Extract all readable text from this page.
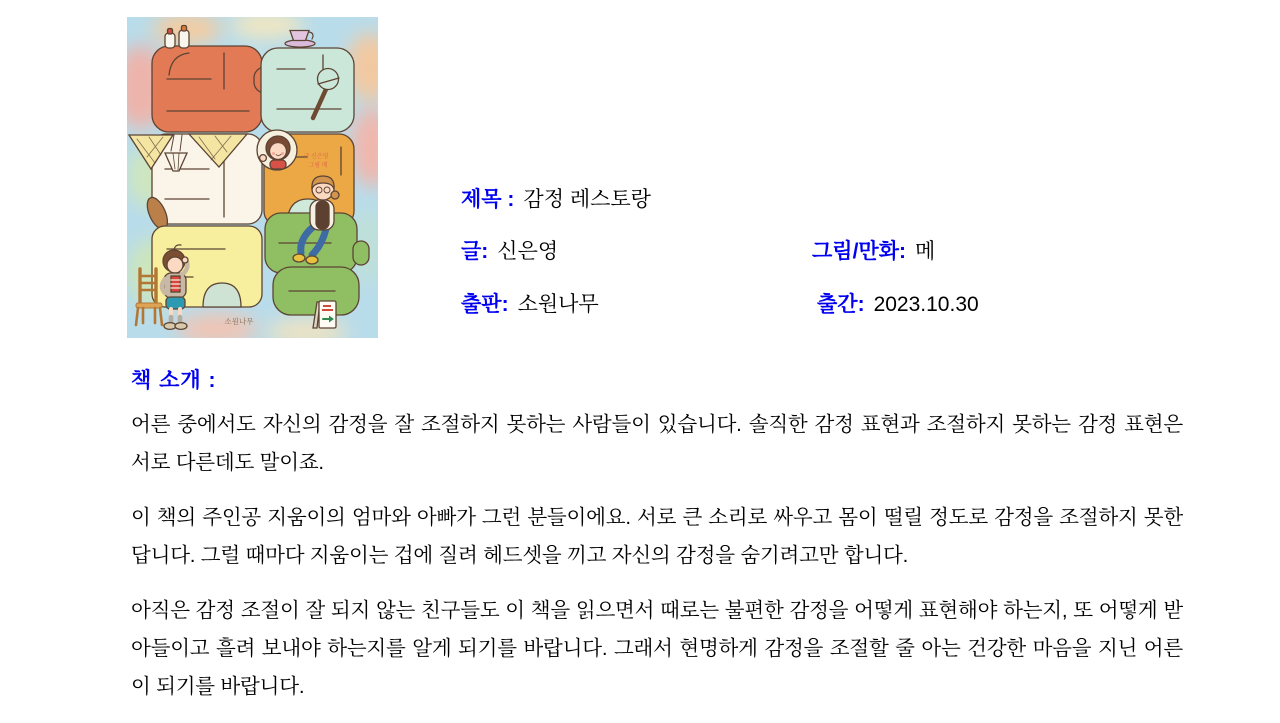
글 신은영
그림 메
소원나무
제목 : 감정 레스토랑
글: 신은영	그림/만화: 메
출판: 소원나무	출간: 2023.10.30
책 소개 :

어른 중에서도 자신의 감정을 잘 조절하지 못하는 사람들이 있습니다. 솔직한 감정 표현과 조절하지 못하는 감정 표현은 서로 다른데도 말이죠.

이 책의 주인공 지움이의 엄마와 아빠가 그런 분들이에요. 서로 큰 소리로 싸우고 몸이 떨릴 정도로 감정을 조절하지 못한답니다. 그럴 때마다 지움이는 겁에 질려 헤드셋을 끼고 자신의 감정을 숨기려고만 합니다.

아직은 감정 조절이 잘 되지 않는 친구들도 이 책을 읽으면서 때로는 불편한 감정을 어떻게 표현해야 하는지, 또 어떻게 받아들이고 흘려 보내야 하는지를 알게 되기를 바랍니다. 그래서 현명하게 감정을 조절할 줄 아는 건강한 마음을 지닌 어른이 되기를 바랍니다.
